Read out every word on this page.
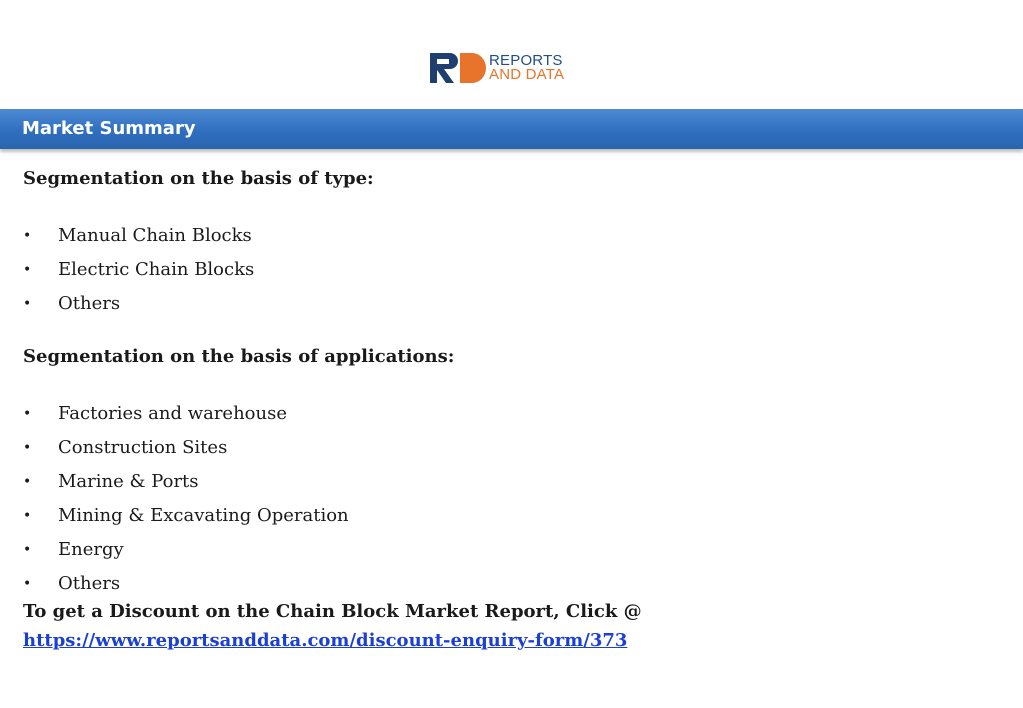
REPORTS
AND DATA
Market Summary
Segmentation on the basis of type:
•	Manual Chain Blocks
•	Electric Chain Blocks
•	Others
Segmentation on the basis of applications:
•	Factories and warehouse
•	Construction Sites
•	Marine & Ports
•	Mining & Excavating Operation
•	Energy
•	Others
To get a Discount on the Chain Block Market Report, Click @
https://www.reportsanddata.com/discount-enquiry-form/373
